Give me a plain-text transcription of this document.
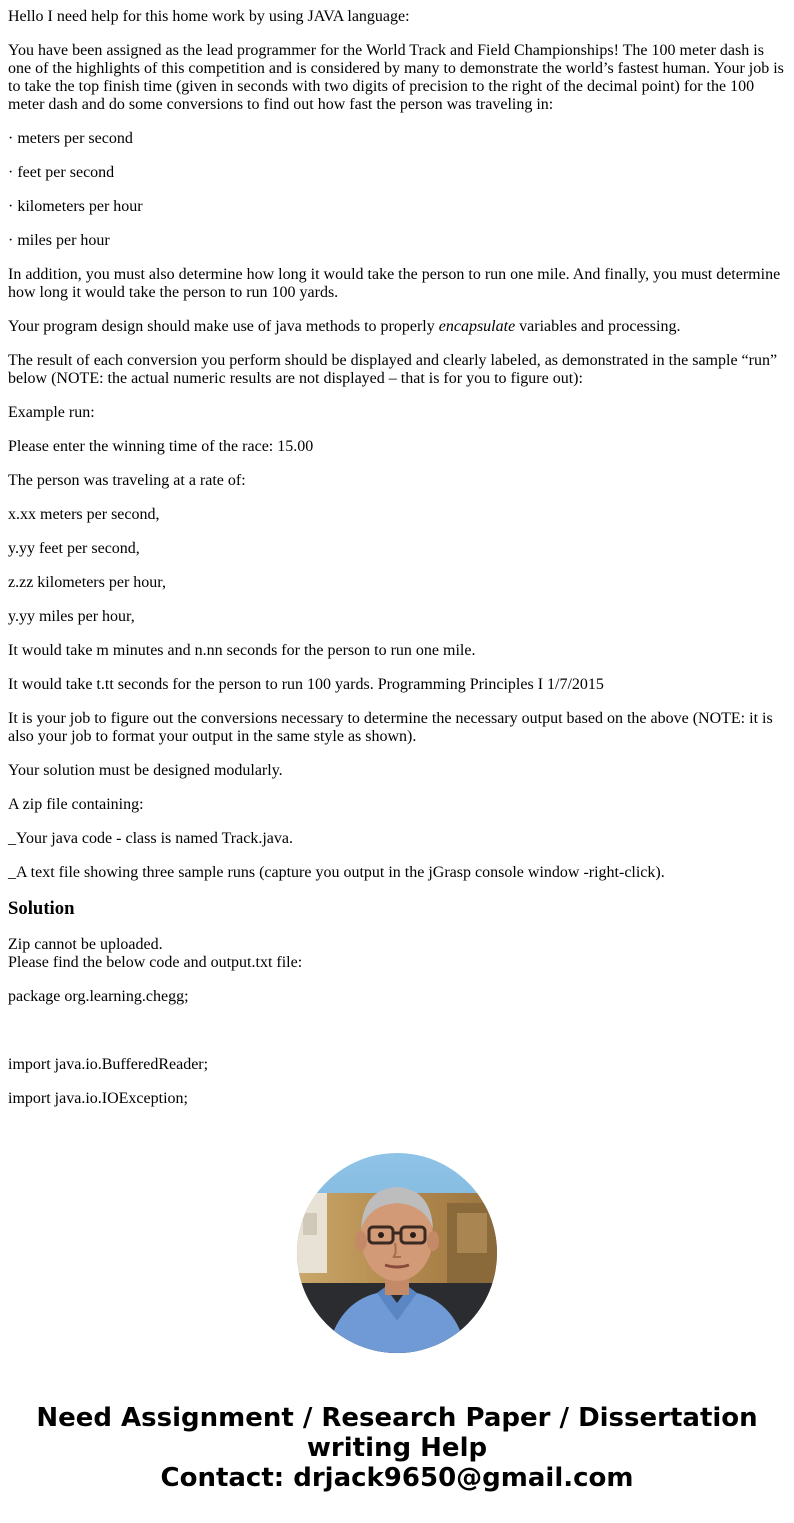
Hello I need help for this home work by using JAVA language:

You have been assigned as the lead programmer for the World Track and Field Championships! The 100 meter dash is one of the highlights of this competition and is considered by many to demonstrate the world’s fastest human. Your job is to take the top finish time (given in seconds with two digits of precision to the right of the decimal point) for the 100 meter dash and do some conversions to find out how fast the person was traveling in:

· meters per second

· feet per second

· kilometers per hour

· miles per hour

In addition, you must also determine how long it would take the person to run one mile. And finally, you must determine how long it would take the person to run 100 yards.

Your program design should make use of java methods to properly encapsulate variables and processing.

The result of each conversion you perform should be displayed and clearly labeled, as demonstrated in the sample “run” below (NOTE: the actual numeric results are not displayed – that is for you to figure out):

Example run:

Please enter the winning time of the race: 15.00

The person was traveling at a rate of:

x.xx meters per second,

y.yy feet per second,

z.zz kilometers per hour,

y.yy miles per hour,

It would take m minutes and n.nn seconds for the person to run one mile.

It would take t.tt seconds for the person to run 100 yards. Programming Principles I 1/7/2015

It is your job to figure out the conversions necessary to determine the necessary output based on the above (NOTE: it is also your job to format your output in the same style as shown).

Your solution must be designed modularly.

A zip file containing:

_Your java code - class is named Track.java.

_A text file showing three sample runs (capture you output in the jGrasp console window -right-click).

Solution

Zip cannot be uploaded.
Please find the below code and output.txt file:

package org.learning.chegg;

import java.io.BufferedReader;

import java.io.IOException;

Need Assignment / Research Paper / Dissertation
writing Help
Contact: drjack9650@gmail.com
